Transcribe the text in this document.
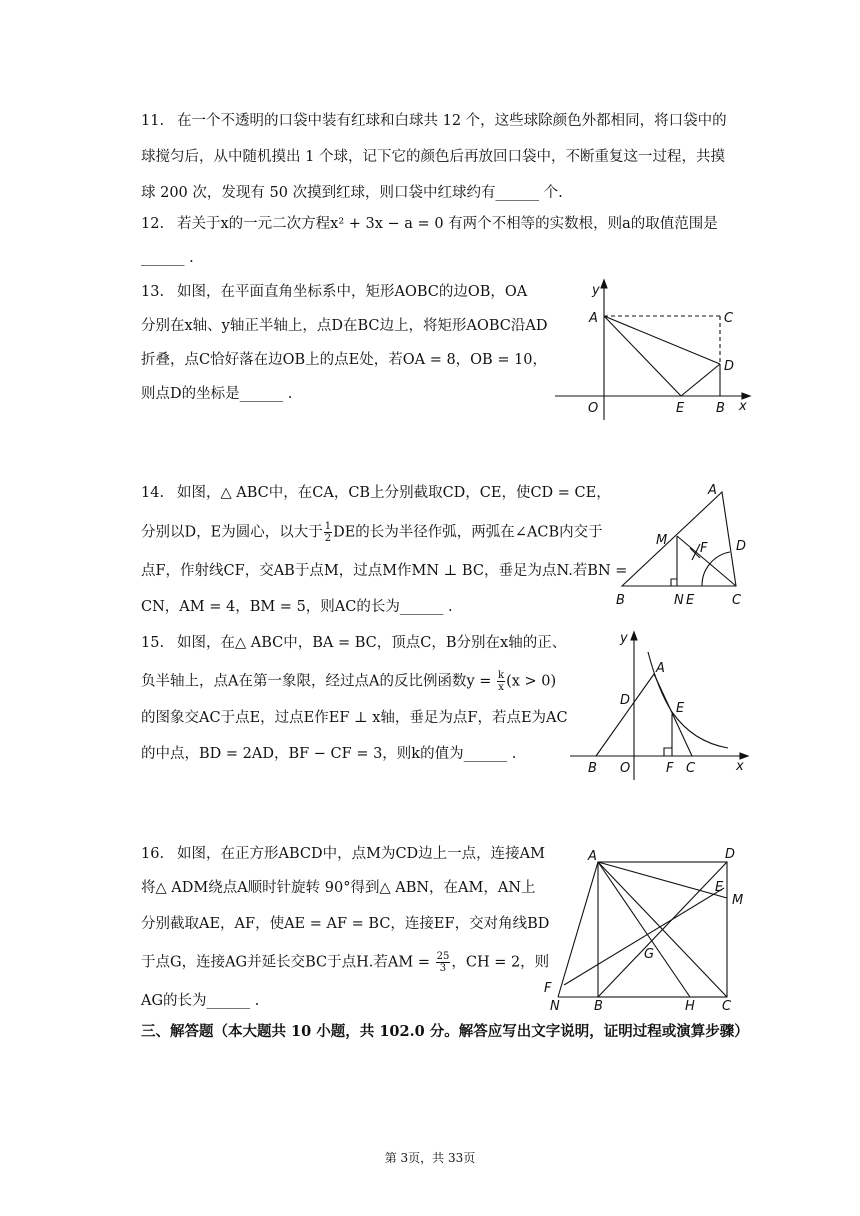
11. 在一个不透明的口袋中装有红球和白球共 12 个，这些球除颜色外都相同，将口袋中的
球搅匀后，从中随机摸出 1 个球，记下它的颜色后再放回口袋中，不断重复这一过程，共摸
球 200 次，发现有 50 次摸到红球，则口袋中红球约有______ 个.
12. 若关于x的一元二次方程x² + 3x − a = 0 有两个不相等的实数根，则a的取值范围是
______ .
13. 如图，在平面直角坐标系中，矩形AOBC的边OB，OA
分别在x轴、y轴正半轴上，点D在BC边上，将矩形AOBC沿AD
折叠，点C恰好落在边OB上的点E处，若OA = 8，OB = 10，
则点D的坐标是______ .
y
A	C
D
O	E B x
14. 如图，△ ABC中，在CA，CB上分别截取CD，CE，使CD = CE，
分别以D，E为圆心，以大于 $\frac{1}{2}$ DE的长为半径作弧，两弧在∠ACB内交于
点F，作射线CF，交AB于点M，过点M作MN ⊥ BC，垂足为点N.若BN =
CN，AM = 4，BM = 5，则AC的长为______ .
A
M
F D
B	N E	C
15. 如图，在△ ABC中，BA = BC，顶点C，B分别在x轴的正、
负半轴上，点A在第一象限，经过点A的反比例函数$y = \frac{k}{x} (x > 0)$
的图象交AC于点E，过点E作EF ⊥ x轴，垂足为点F，若点E为AC
的中点，BD = 2AD，BF − CF = 3，则k的值为______ .
y
A
D
E
B O	F C	x
16. 如图，在正方形ABCD中，点M为CD边上一点，连接AM
将△ ADM绕点A顺时针旋转 90°得到△ ABN，在AM，AN上
分别截取AE，AF，使AE = AF = BC，连接EF，交对角线BD
于点G，连接AG并延长交BC于点H.若AM = $\frac{25}{3}$ ，CH = 2，则
AG的长为______ .
A	D
E
M
G
F
N	B	H C
三、解答题（本大题共 10 小题，共 102.0 分。解答应写出文字说明，证明过程或演算步骤）
第 3页，共 33页
